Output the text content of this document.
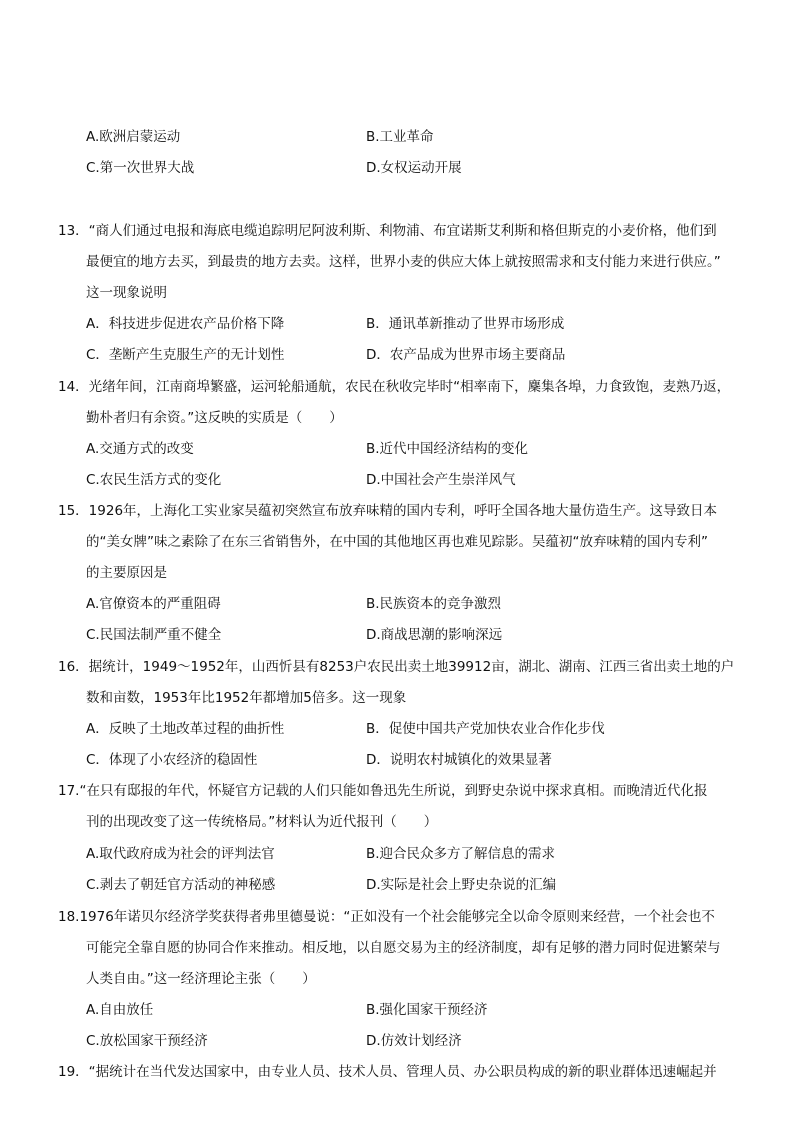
A.欧洲启蒙运动	B.工业革命
C.第一次世界大战	D.女权运动开展
13．“商人们通过电报和海底电缆追踪明尼阿波利斯、利物浦、布宜诺斯艾利斯和格但斯克的小麦价格，他们到
最便宜的地方去买，到最贵的地方去卖。这样，世界小麦的供应大体上就按照需求和支付能力来进行供应。”
这一现象说明
A．科技进步促进农产品价格下降	B．通讯革新推动了世界市场形成
C．垄断产生克服生产的无计划性	D．农产品成为世界市场主要商品
14．光绪年间，江南商埠繁盛，运河轮船通航，农民在秋收完毕时“相率南下，麇集各埠，力食致饱，麦熟乃返，
勤朴者归有余资。”这反映的实质是（　　）
A.交通方式的改变	B.近代中国经济结构的变化
C.农民生活方式的变化	D.中国社会产生崇洋风气
15．1926年，上海化工实业家吴蕴初突然宣布放弃味精的国内专利，呼吁全国各地大量仿造生产。这导致日本
的“美女牌”味之素除了在东三省销售外，在中国的其他地区再也难见踪影。吴蕴初“放弃味精的国内专利”
的主要原因是
A.官僚资本的严重阻碍	B.民族资本的竞争激烈
C.民国法制严重不健全	D.商战思潮的影响深远
16．据统计，1949～1952年，山西忻县有8253户农民出卖土地39912亩，湖北、湖南、江西三省出卖土地的户
数和亩数，1953年比1952年都增加5倍多。这一现象
A．反映了土地改革过程的曲折性	B．促使中国共产党加快农业合作化步伐
C．体现了小农经济的稳固性	D．说明农村城镇化的效果显著
17.“在只有邸报的年代，怀疑官方记载的人们只能如鲁迅先生所说，到野史杂说中探求真相。而晚清近代化报
刊的出现改变了这一传统格局。”材料认为近代报刊（　　）
A.取代政府成为社会的评判法官	B.迎合民众多方了解信息的需求
C.剥去了朝廷官方活动的神秘感	D.实际是社会上野史杂说的汇编
18.1976年诺贝尔经济学奖获得者弗里德曼说：“正如没有一个社会能够完全以命令原则来经营，一个社会也不
可能完全靠自愿的协同合作来推动。相反地，以自愿交易为主的经济制度，却有足够的潜力同时促进繁荣与
人类自由。”这一经济理论主张（　　）
A.自由放任	B.强化国家干预经济
C.放松国家干预经济	D.仿效计划经济
19．“据统计在当代发达国家中，由专业人员、技术人员、管理人员、办公职员构成的新的职业群体迅速崛起并
